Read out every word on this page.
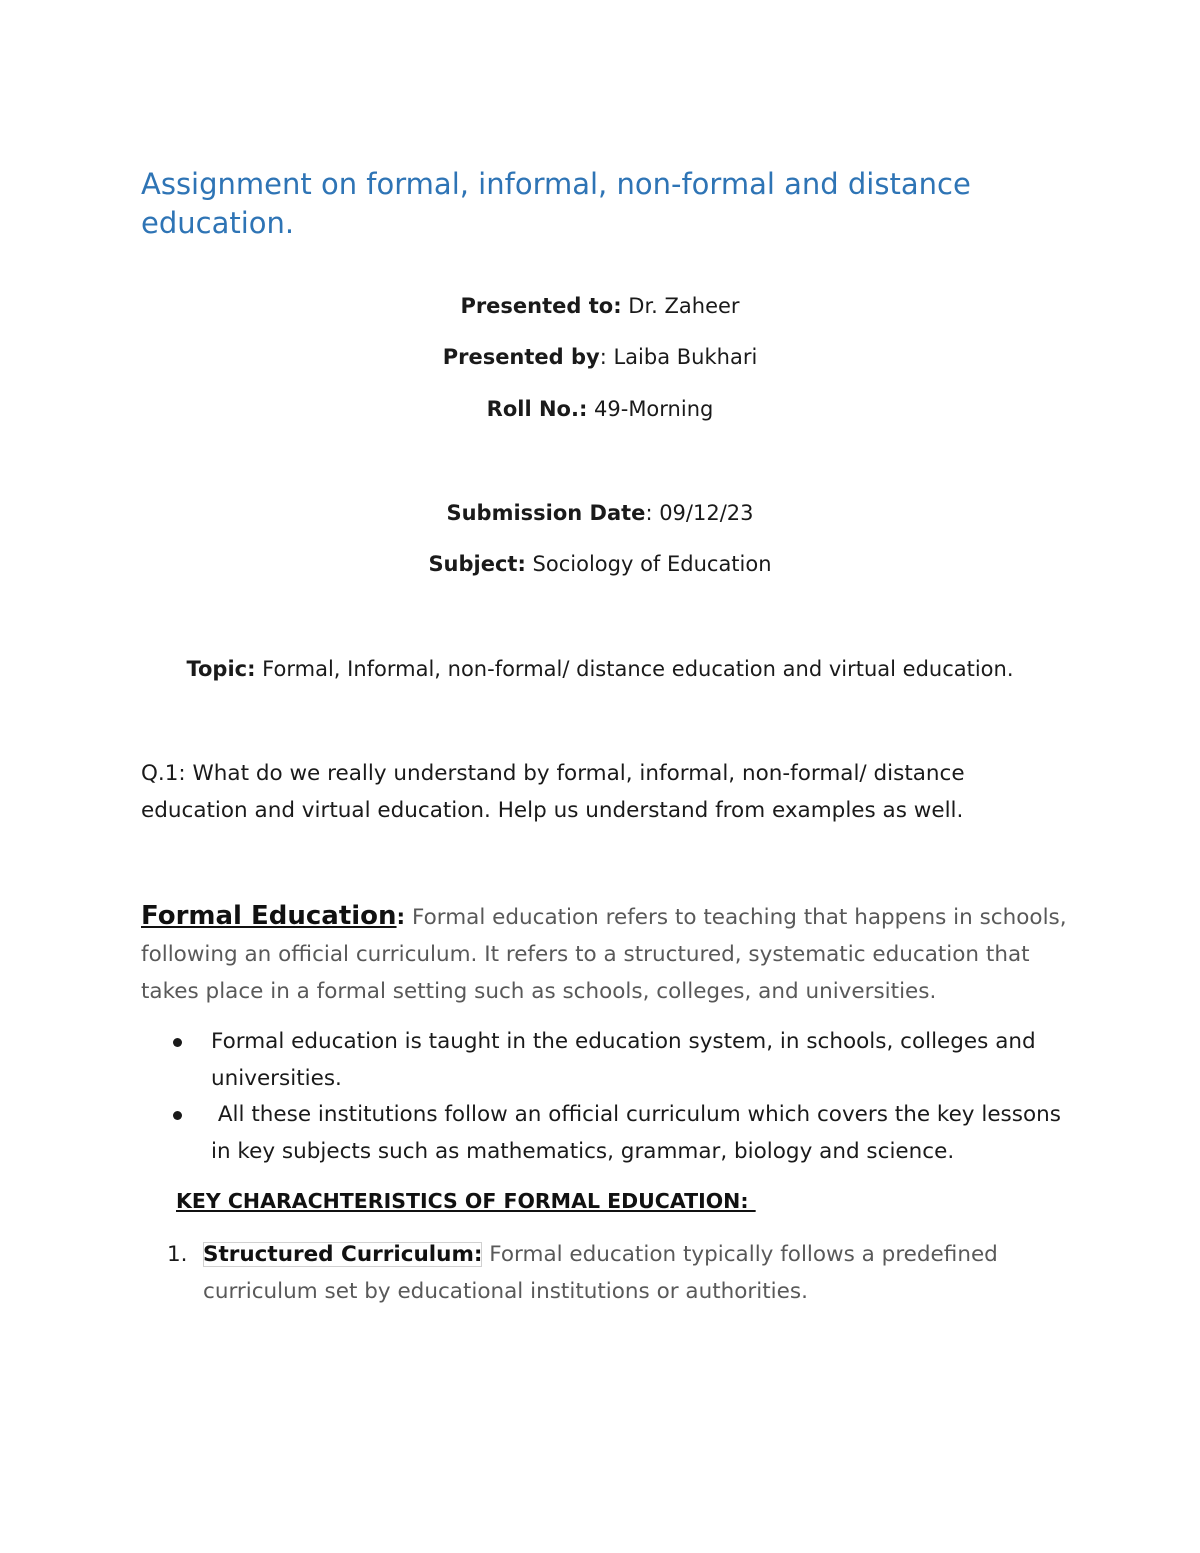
Assignment on formal, informal, non-formal and distance education.
Presented to: Dr. Zaheer
Presented by: Laiba Bukhari
Roll No.: 49-Morning
Submission Date: 09/12/23
Subject: Sociology of Education
Topic: Formal, Informal, non-formal/ distance education and virtual education.

Q.1: What do we really understand by formal, informal, non-formal/ distance education and virtual education. Help us understand from examples as well.

Formal Education: Formal education refers to teaching that happens in schools, following an official curriculum. It refers to a structured, systematic education that takes place in a formal setting such as schools, colleges, and universities.

Formal education is taught in the education system, in schools, colleges and universities.
All these institutions follow an official curriculum which covers the key lessons in key subjects such as mathematics, grammar, biology and science.
KEY CHARACHTERISTICS OF FORMAL EDUCATION:
1. Structured Curriculum: Formal education typically follows a predefined curriculum set by educational institutions or authorities.
